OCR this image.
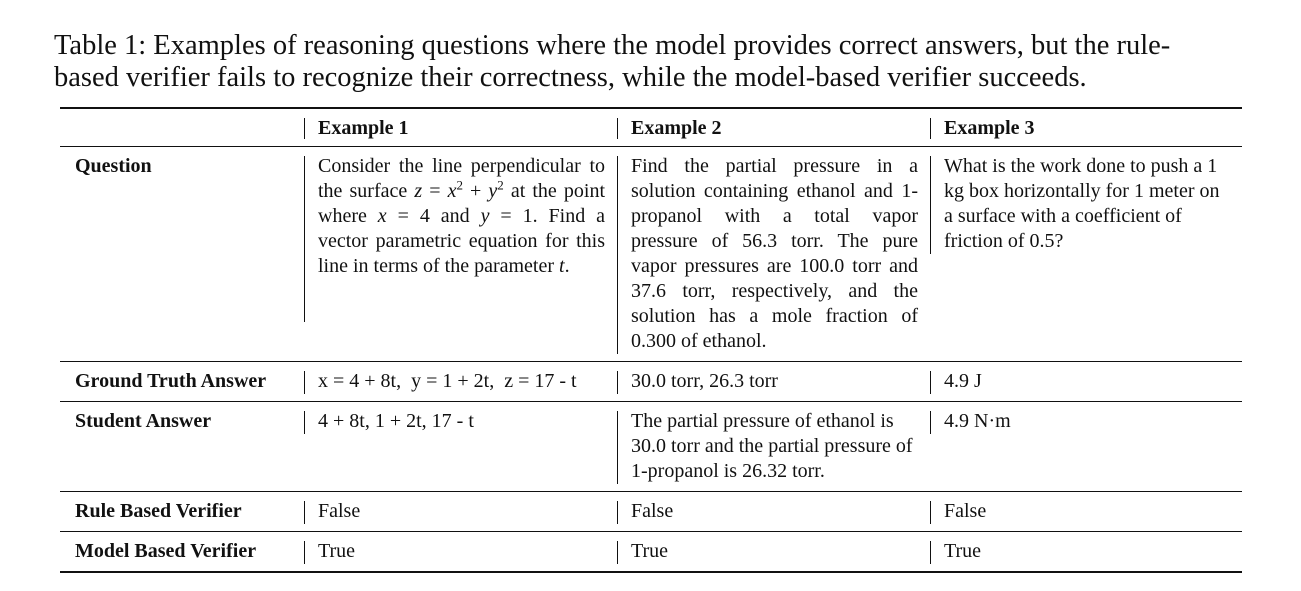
Table 1: Examples of reasoning questions where the model provides correct answers, but the rule-
based verifier fails to recognize their correctness, while the model-based verifier succeeds.

	Example 1	Example 2	Example 3

Question	Consider the line perpendicular to the surface $z = x^2 + y^2$ at the point where x = 4 and y = 1. Find a vector parametric equation for this line in terms of the parameter t.	Find the partial pressure in a solution containing ethanol and 1-propanol with a total vapor pressure of 56.3 torr. The pure vapor pressures are 100.0 torr and 37.6 torr, respectively, and the solution has a mole fraction of 0.300 of ethanol.	What is the work done to push a 1 kg box horizontally for 1 meter on a surface with a coefficient of friction of 0.5?

Ground Truth Answer	x = 4 + 8t,  y = 1 + 2t,  z = 17 - t	30.0 torr, 26.3 torr	4.9 J

Student Answer	4 + 8t, 1 + 2t, 17 - t	The partial pressure of ethanol is 30.0 torr and the partial pressure of 1-propanol is 26.32 torr.	4.9 N·m

Rule Based Verifier	False	False	False

Model Based Verifier	True	True	True
